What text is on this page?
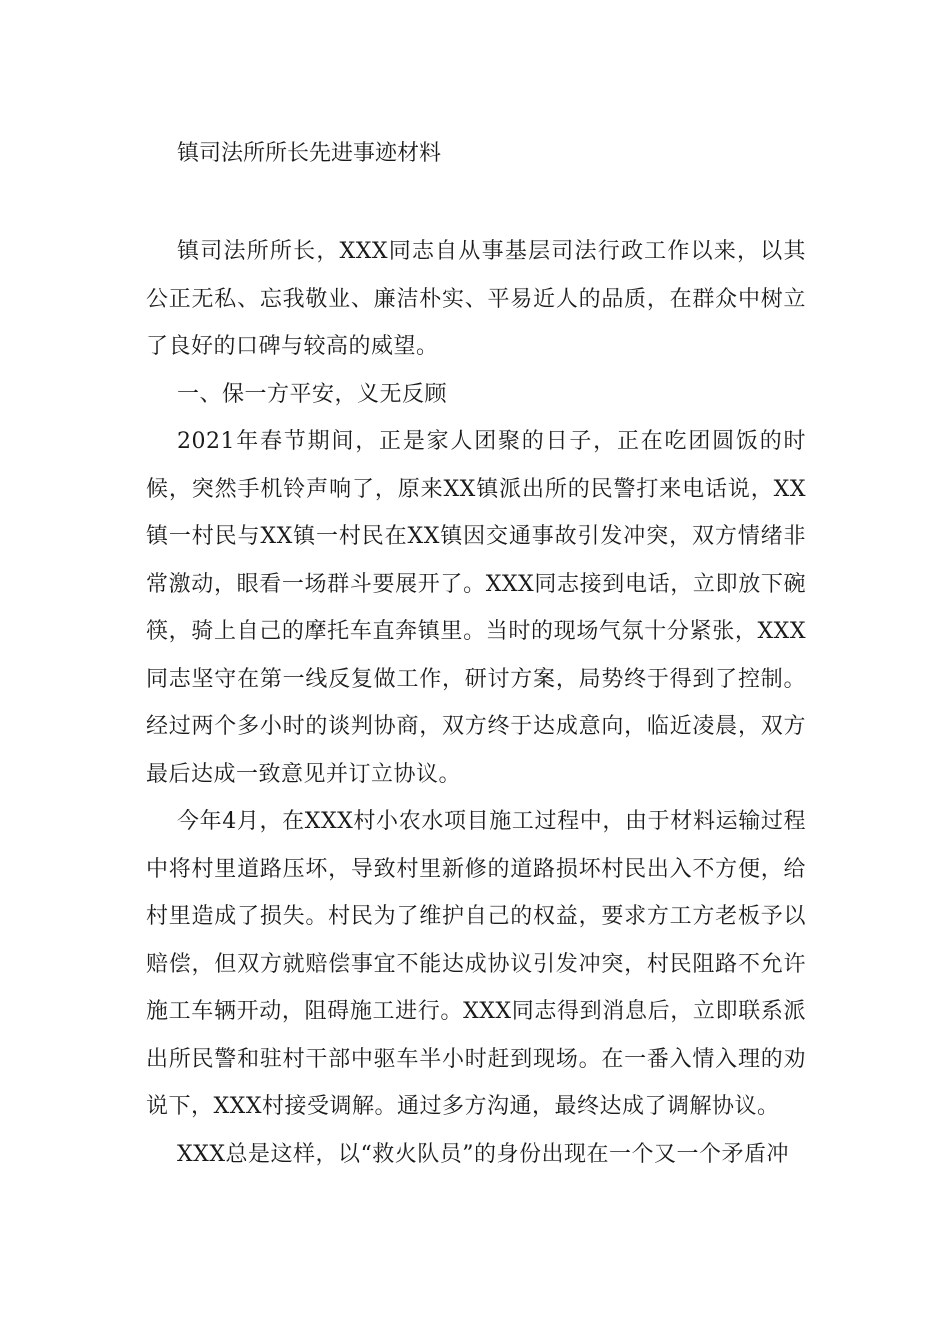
镇司法所所长先进事迹材料

镇司法所所长，XXX同志自从事基层司法行政工作以来，以其公正无私、忘我敬业、廉洁朴实、平易近人的品质，在群众中树立了良好的口碑与较高的威望。

一、保一方平安，义无反顾

2021年春节期间，正是家人团聚的日子，正在吃团圆饭的时候，突然手机铃声响了，原来XX镇派出所的民警打来电话说，XX镇一村民与XX镇一村民在XX镇因交通事故引发冲突，双方情绪非常激动，眼看一场群斗要展开了。XXX同志接到电话，立即放下碗筷，骑上自己的摩托车直奔镇里。当时的现场气氛十分紧张，XXX同志坚守在第一线反复做工作，研讨方案，局势终于得到了控制。经过两个多小时的谈判协商，双方终于达成意向，临近凌晨，双方最后达成一致意见并订立协议。

今年4月，在XXX村小农水项目施工过程中，由于材料运输过程中将村里道路压坏，导致村里新修的道路损坏村民出入不方便，给村里造成了损失。村民为了维护自己的权益，要求方工方老板予以赔偿，但双方就赔偿事宜不能达成协议引发冲突，村民阻路不允许施工车辆开动，阻碍施工进行。XXX同志得到消息后，立即联系派出所民警和驻村干部中驱车半小时赶到现场。在一番入情入理的劝说下，XXX村接受调解。通过多方沟通，最终达成了调解协议。

XXX总是这样，以“救火队员”的身份出现在一个又一个矛盾冲
